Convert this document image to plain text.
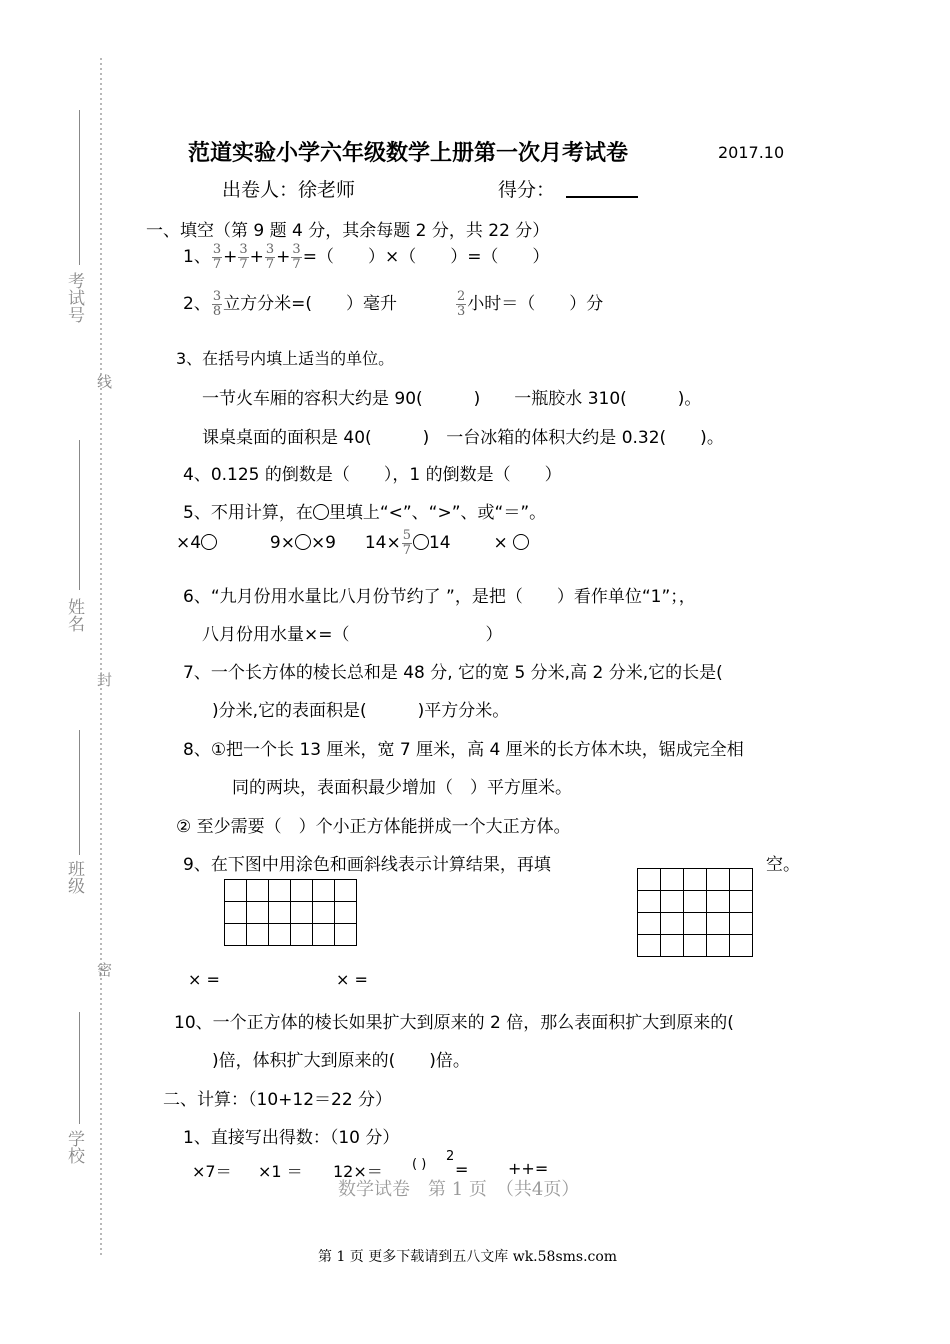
考试号
姓名
班级
学校
线
封
密
范道实验小学六年级数学上册第一次月考试卷	2017.10
出卷人：徐老师	得分：
一、填空（第 9 题 4 分，其余每题 2 分，共 22 分）
1、 $\frac{3}{7} + \frac{3}{7} + \frac{3}{7} + \frac{3}{7}$ =（　　）×（　　）=（　　）
2、 $\frac{3}{8}$ 立方分米=(　　）毫升	$\frac{2}{3}$ 小时＝（　　）分
3、在括号内填上适当的单位。
一节火车厢的容积大约是 90(　　　)　　一瓶胶水 310(　　　)。
课桌桌面的面积是 40(　　　)　一台冰箱的体积大约是 0.32(　　)。
4、0.125 的倒数是（　　），1 的倒数是（　　）
5、不用计算，在 里填上“<”、“>”、或“＝”。
×4	9× ×9 $14\times \frac{5}{7} 14$	×
6、“九月份用水量比八月份节约了 ”，是把（　　）看作单位“1”；，
八月份用水量×=（　　　　　　　　）
7、一个长方体的棱长总和是 48 分, 它的宽 5 分米,高 2 分米,它的长是(
)分米,它的表面积是(　　　)平方分米。
8、①把一个长 13 厘米，宽 7 厘米，高 4 厘米的长方体木块，锯成完全相
同的两块，表面积最少增加（　）平方厘米。
② 至少需要（　）个小正方体能拼成一个大正方体。
9、在下图中用涂色和画斜线表示计算结果，再填	空。

× =	× =
10、一个正方体的棱长如果扩大到原来的 2 倍，那么表面积扩大到原来的(
)倍，体积扩大到原来的(　　)倍。
二、计算：（10+12＝22 分）
1、直接写出得数：（10 分）
×7＝ ×1 ＝ 12×＝ ( )
2
= ++=
数学试卷　第 1 页　（共4页）
第 1 页 更多下载请到五八文库 wk.58sms.com
